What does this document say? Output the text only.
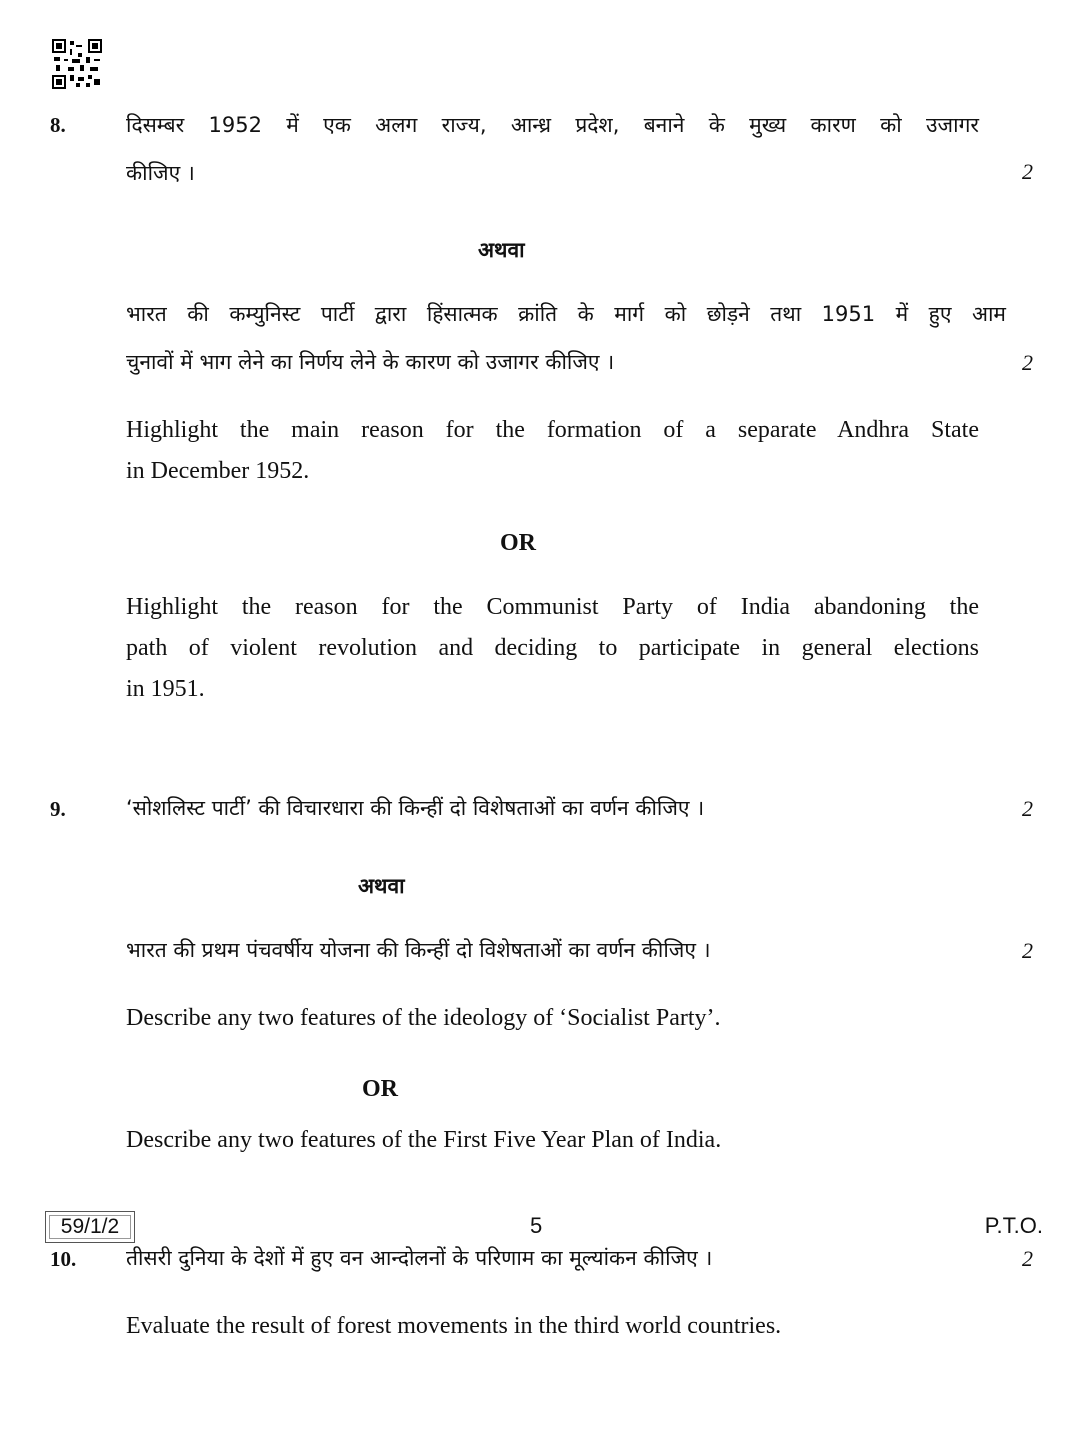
8.	दिसम्बर 1952 में एक अलग राज्य, आन्ध्र प्रदेश, बनाने के मुख्य कारण को उजागर
कीजिए ।	2
अथवा
भारत की कम्युनिस्ट पार्टी द्वारा हिंसात्मक क्रांति के मार्ग को छोड़ने तथा 1951 में हुए आम
चुनावों में भाग लेने का निर्णय लेने के कारण को उजागर कीजिए ।	2
Highlight the main reason for the formation of a separate Andhra State
in December 1952.
OR
Highlight the reason for the Communist Party of India abandoning the
path of violent revolution and deciding to participate in general elections
in 1951.
9.	‘सोशलिस्ट पार्टी’ की विचारधारा की किन्हीं दो विशेषताओं का वर्णन कीजिए ।	2
अथवा
भारत की प्रथम पंचवर्षीय योजना की किन्हीं दो विशेषताओं का वर्णन कीजिए ।	2
Describe any two features of the ideology of ‘Socialist Party’.
OR
Describe any two features of the First Five Year Plan of India.
10. तीसरी दुनिया के देशों में हुए वन आन्दोलनों के परिणाम का मूल्यांकन कीजिए ।	2
Evaluate the result of forest movements in the third world countries.
59/1/2	5	P.T.O.
